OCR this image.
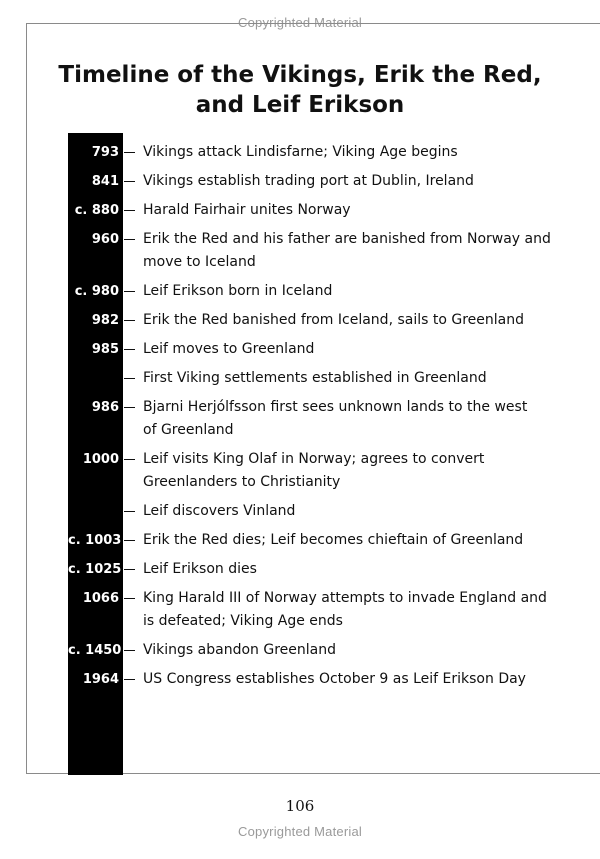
Copyrighted Material
Timeline of the Vikings, Erik the Red,
and Leif Erikson
793 Vikings attack Lindisfarne; Viking Age begins
841 Vikings establish trading port at Dublin, Ireland
c. 880 Harald Fairhair unites Norway
960 Erik the Red and his father are banished from Norway and
move to Iceland
c. 980 Leif Erikson born in Iceland
982 Erik the Red banished from Iceland, sails to Greenland
985 Leif moves to Greenland
First Viking settlements established in Greenland
986 Bjarni Herjólfsson first sees unknown lands to the west
of Greenland
1000 Leif visits King Olaf in Norway; agrees to convert
Greenlanders to Christianity
Leif discovers Vinland
c. 1003 Erik the Red dies; Leif becomes chieftain of Greenland
c. 1025 Leif Erikson dies
1066 King Harald III of Norway attempts to invade England and
is defeated; Viking Age ends
c. 1450 Vikings abandon Greenland
1964 US Congress establishes October 9 as Leif Erikson Day
106
Copyrighted Material
